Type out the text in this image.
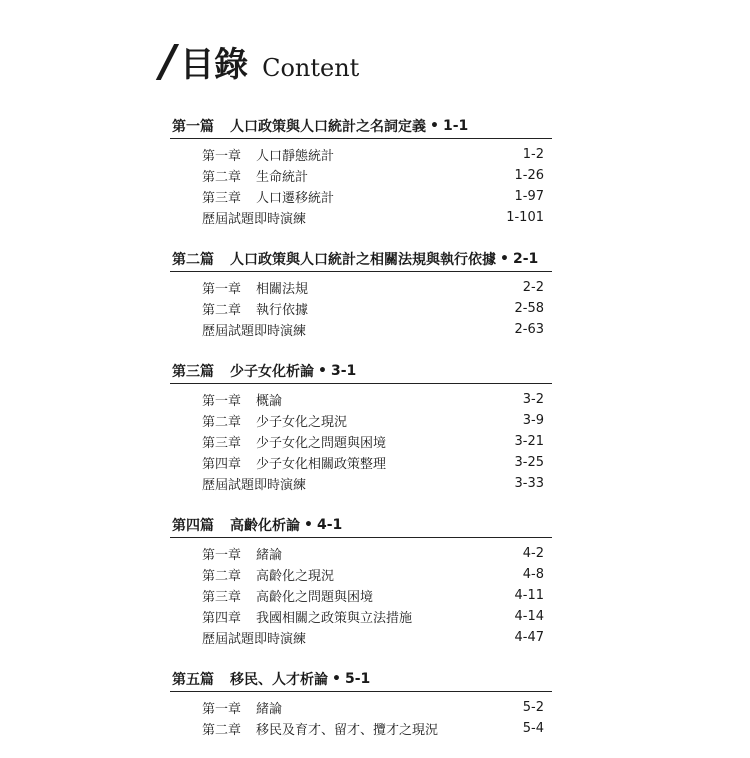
/ 目錄 Content
第一篇	人口政策與人口統計之名詞定義 • 1-1
第一章	人口靜態統計	1-2
第二章	生命統計	1-26
第三章	人口遷移統計	1-97
歷屆試題即時演練	1-101
第二篇	人口政策與人口統計之相關法規與執行依據 • 2-1
第一章	相關法規	2-2
第二章	執行依據	2-58
歷屆試題即時演練	2-63
第三篇	少子女化析論 • 3-1
第一章	概論	3-2
第二章	少子女化之現況	3-9
第三章	少子女化之問題與困境	3-21
第四章	少子女化相關政策整理	3-25
歷屆試題即時演練	3-33
第四篇	高齡化析論 • 4-1
第一章	緒論	4-2
第二章	高齡化之現況	4-8
第三章	高齡化之問題與困境	4-11
第四章	我國相關之政策與立法措施	4-14
歷屆試題即時演練	4-47
第五篇	移民、人才析論 • 5-1
第一章	緒論	5-2
第二章	移民及育才、留才、攬才之現況	5-4
